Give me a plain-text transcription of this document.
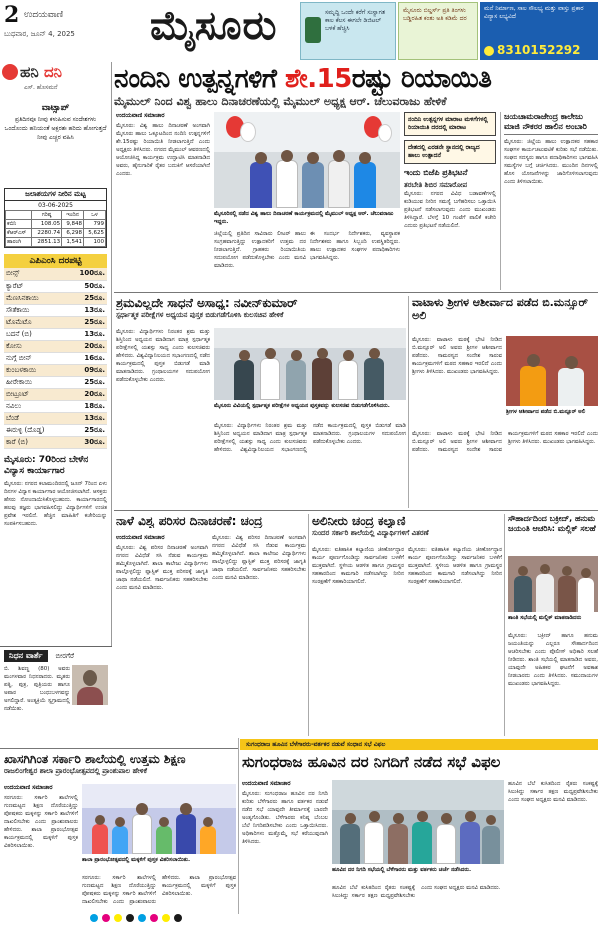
2 ಉದಯವಾಣಿ
ಬುಧವಾರ, ಜೂನ್ 4, 2025 ಮೈಸೂರು	ಸಮೃದ್ಧಿ ಒಂದೇ ಕರೆಗೆ ಸುಸ್ವಾಗತ ಕಾಲ ಕೆಲಸ ಈಗಲೇ ಡಿಜಿಟಲ್ ಬಳಕೆ ಹೆಚ್ಚಿಸಿ
ಮೈಸೂರು ಬಿಲ್ಡರ್ಸ್ ಪ್ರತಿ ತಿಂಗಳು ಬಡ್ಡಿರಹಿತ ಕಂತು ಅತಿ ಕಡಿಮೆ ದರ
ಮನೆ ನಿರ್ಮಾಣ, ಸಾಲ ಸೌಲಭ್ಯ ಮತ್ತು ವಾಸ್ತು ಪ್ರಕಾರ ವಿನ್ಯಾಸ ಲಭ್ಯವಿದೆ
8310152292
ಹನಿ ದನಿ
ಎಸ್. ಹೊಸಮನೆ
ವಾಟ್ಸಾಪ್
ಪ್ರತಿದಿನವೂ ನೀವು ಕಳುಹಿಸುವ ಸಂದೇಶಗಳು ಒಂದೊಂದು ಹನಿಯಂತೆ ಅಕ್ಷರಶಃ ಹರಿದು ಹೋಗುತ್ತದೆ ನೀವು ಎಚ್ಚರ ವಹಿಸಿ
ಜಲಾಶಯಗಳ ನೀರಿನ ಮಟ್ಟ
03-06-2025
	ಗರಿಷ್ಠ	ಇಂದಿನ	ಒಳ
ಕಬಿನಿ	108.05	9,848	799
ಕೆಆರ್‌ಎಸ್	2280.74	6,298	5,625
ಹಾರಂಗಿ	2851.13	1,541	100
ಎಪಿಎಂಸಿ ದರಪಟ್ಟಿ
ಬೀನ್ಸ್	100ರೂ.
ಕ್ಯಾರೆಟ್	50ರೂ.
ಮೆಣಸಿನಕಾಯಿ	25ರೂ.
ಸೌತೆಕಾಯಿ	13ರೂ.
ಟೊಮೆಟೊ	25ರೂ.
ಬದನೆ (ಬಿ)	13ರೂ.
ಕೋಸು	20ರೂ.
ನುಗ್ಗೆ ಬೀನ್	16ರೂ.
ಕುಂಬಳಕಾಯಿ	09ರೂ.
ಹೀರೇಕಾಯಿ	25ರೂ.
ಬೀಟ್ರೂಟ್	20ರೂ.
ನವಿಲು	18ರೂ.
ಬೆಂಡೆ	13ರೂ.
ಈರುಳ್ಳಿ (ದೊಡ್ಡ)	25ರೂ.
ಕಾರೆ (ಬಿ)	30ರೂ.
ಮೈಸೂರು: 70ರಿಂದ ಬೇಳೆನ ವಿನ್ಯಾಸ ಕಾರ್ಯಾಗಾರ
ಮೈಸೂರು: ನಗರದ ಕಲಾಮಂದಿರದಲ್ಲಿ ಜೂನ್ 7ರಿಂದ ಏಳು ದಿನಗಳ ವಿನ್ಯಾಸ ಕಾರ್ಯಾಗಾರ ಆಯೋಜಿಸಲಾಗಿದೆ. ಆಸಕ್ತರು ಹೆಸರು ನೋಂದಾಯಿಸಿಕೊಳ್ಳಬಹುದು. ಕಾರ್ಯಾಗಾರದಲ್ಲಿ ಹಲವು ತಜ್ಞರು ಭಾಗವಹಿಸಲಿದ್ದು ವಿದ್ಯಾರ್ಥಿಗಳಿಗೆ ಉಚಿತ ಪ್ರವೇಶ ಇರಲಿದೆ. ಹೆಚ್ಚಿನ ಮಾಹಿತಿಗೆ ಕಚೇರಿಯನ್ನು ಸಂಪರ್ಕಿಸಬಹುದು.
ನಿಧನ ವಾರ್ತೆ	ಬೀರಗೆರೆ
ಬಿ. ಶಿವಣ್ಣ (80) ಅವರು ಮಂಗಳವಾರ ನಿಧನರಾದರು. ಮೃತರು ಪತ್ನಿ, ಪುತ್ರ, ಪುತ್ರಿಯರು ಹಾಗೂ ಅಪಾರ ಬಂಧುಬಳಗವನ್ನು ಅಗಲಿದ್ದಾರೆ. ಅಂತ್ಯಕ್ರಿಯೆ ಸ್ವಗ್ರಾಮದಲ್ಲಿ ನಡೆಯಿತು.
ನಂದಿನಿ ಉತ್ಪನ್ನಗಳಿಗೆ ಶೇ.15ರಷ್ಟು ರಿಯಾಯಿತಿ
ಮೈಮುಲ್ ನಿಂದ ವಿಶ್ವ ಹಾಲು ದಿನಾಚರಣೆಯಲ್ಲಿ ಮೈಮುಲ್ ಅಧ್ಯಕ್ಷ ಆರ್. ಚೆಲುವರಾಜು ಹೇಳಿಕೆ
ಉದಯವಾಣಿ ಸಮಾಚಾರ
ಮೈಸೂರು: ವಿಶ್ವ ಹಾಲು ದಿನಾಚರಣೆ ಅಂಗವಾಗಿ ಮೈಸೂರು ಹಾಲು ಒಕ್ಕೂಟದಿಂದ ನಂದಿನಿ ಉತ್ಪನ್ನಗಳಿಗೆ ಶೇ.15ರಷ್ಟು ರಿಯಾಯಿತಿ ನೀಡಲಾಗುತ್ತಿದೆ ಎಂದು ಅಧ್ಯಕ್ಷರು ತಿಳಿಸಿದರು. ನಗರದ ಮೈಮುಲ್ ಆವರಣದಲ್ಲಿ ಆಯೋಜಿಸಿದ್ದ ಕಾರ್ಯಕ್ರಮ ಉದ್ಘಾಟಿಸಿ ಮಾತನಾಡಿದ ಅವರು, ಹೈನುಗಾರಿಕೆ ರೈತರ ಬದುಕಿಗೆ ಆಸರೆಯಾಗಿದೆ ಎಂದರು.
ಮೈಸೂರಿನಲ್ಲಿ ನಡೆದ ವಿಶ್ವ ಹಾಲು ದಿನಾಚರಣೆ ಕಾರ್ಯಕ್ರಮದಲ್ಲಿ ಮೈಮುಲ್ ಅಧ್ಯಕ್ಷ ಆರ್. ಚೆಲುವರಾಜು ಇದ್ದರು.
ಜಿಲ್ಲೆಯಲ್ಲಿ ಪ್ರತಿದಿನ ಸಾವಿರಾರು ಲೀಟರ್ ಹಾಲು ಸಂಗ್ರಹವಾಗುತ್ತಿದ್ದು ಉತ್ಪಾದಕರಿಗೆ ಉತ್ತಮ ದರ ನೀಡಲಾಗುತ್ತಿದೆ. ಗ್ರಾಹಕರು ರಿಯಾಯಿತಿಯ ಸದುಪಯೋಗ ಪಡೆದುಕೊಳ್ಳಬೇಕು ಎಂದು ಮನವಿ ಮಾಡಿದರು.
ಈ ಸಂದರ್ಭ ನಿರ್ದೇಶಕರು, ವ್ಯವಸ್ಥಾಪಕ ನಿರ್ದೇಶಕರು ಹಾಗೂ ಸಿಬ್ಬಂದಿ ಉಪಸ್ಥಿತರಿದ್ದರು. ಹಾಲು ಉತ್ಪಾದಕರ ಸಂಘಗಳ ಪದಾಧಿಕಾರಿಗಳು ಭಾಗವಹಿಸಿದ್ದರು.
ನಂದಿನಿ ಉತ್ಪನ್ನಗಳ ಮಾರಾಟ ಮಳಿಗೆಗಳಲ್ಲಿ ರಿಯಾಯಿತಿ ದರದಲ್ಲಿ ಮಾರಾಟ
ದೇಶದಲ್ಲಿ ಎರಡನೇ ಸ್ಥಾನದಲ್ಲಿ ರಾಜ್ಯದ ಹಾಲು ಉತ್ಪಾದನೆ
ಇಂದು ಬಿಜೆಪಿ ಪ್ರತಿಭಟನೆ
ತರಬೇತಿ ಶಿಬಿರ ಸಮಾರೋಪ
ಮೈಸೂರು: ನಗರದ ವಿವಿಧ ಬಡಾವಣೆಗಳಲ್ಲಿ ಕುಡಿಯುವ ನೀರಿನ ಸಮಸ್ಯೆ ಬಗೆಹರಿಸಲು ಒತ್ತಾಯಿಸಿ ಪ್ರತಿಭಟನೆ ನಡೆಸಲಾಗುವುದು ಎಂದು ಮುಖಂಡರು ತಿಳಿಸಿದ್ದಾರೆ. ಬೆಳಗ್ಗೆ 10 ಗಂಟೆಗೆ ಪಾಲಿಕೆ ಕಚೇರಿ ಎದುರು ಪ್ರತಿಭಟನೆ ನಡೆಯಲಿದೆ.
ಜಯಚಾಮರಾಜೇಂದ್ರ ಕಾಲೇಜು ಮಾಜಿ ನೌಕರರ ಹಾಲಿನ ಅಂಬಾರಿ
ಮೈಸೂರು: ಜಿಲ್ಲೆಯ ಹಾಲು ಉತ್ಪಾದಕರ ಸಹಕಾರ ಸಂಘಗಳ ಕಾರ್ಯಚಟುವಟಿಕೆ ಕುರಿತು ಸಭೆ ನಡೆಯಿತು. ಸಂಘದ ಸದಸ್ಯರು ಹಾಗೂ ಪದಾಧಿಕಾರಿಗಳು ಭಾಗವಹಿಸಿ ಸಮಸ್ಯೆಗಳ ಬಗ್ಗೆ ಚರ್ಚಿಸಿದರು. ಮುಂದಿನ ದಿನಗಳಲ್ಲಿ ಹೊಸ ಯೋಜನೆಗಳನ್ನು ಜಾರಿಗೊಳಿಸಲಾಗುವುದು ಎಂದು ತಿಳಿಸಲಾಯಿತು.
ಶ್ರಮವಿಲ್ಲದೇ ಸಾಧನೆ ಅಸಾಧ್ಯ: ನವೀನ್‌ಕುಮಾರ್
ಸ್ಪರ್ಧಾತ್ಮಕ ಪರೀಕ್ಷೆಗಳ ಅಧ್ಯಯನ ಪುಸ್ತಕ ಬಿಡುಗಡೆಗೊಳಿಸಿ ಕುಲಸಚಿವ ಹೇಳಿಕೆ
ಮೈಸೂರು: ವಿದ್ಯಾರ್ಥಿಗಳು ನಿರಂತರ ಶ್ರಮ ಮತ್ತು ಶಿಸ್ತಿನಿಂದ ಅಧ್ಯಯನ ಮಾಡಿದಾಗ ಮಾತ್ರ ಸ್ಪರ್ಧಾತ್ಮಕ ಪರೀಕ್ಷೆಗಳಲ್ಲಿ ಯಶಸ್ಸು ಸಾಧ್ಯ ಎಂದು ಕುಲಸಚಿವರು ಹೇಳಿದರು. ವಿಶ್ವವಿದ್ಯಾನಿಲಯದ ಸಭಾಂಗಣದಲ್ಲಿ ನಡೆದ ಕಾರ್ಯಕ್ರಮದಲ್ಲಿ ಪುಸ್ತಕ ಬಿಡುಗಡೆ ಮಾಡಿ ಮಾತನಾಡಿದರು. ಗ್ರಂಥಾಲಯಗಳ ಸದುಪಯೋಗ ಪಡೆದುಕೊಳ್ಳಬೇಕು ಎಂದರು.
ಮೈಸೂರು ವಿವಿಯಲ್ಲಿ ಸ್ಪರ್ಧಾತ್ಮಕ ಪರೀಕ್ಷೆಗಳ ಅಧ್ಯಯನ ಪುಸ್ತಕವನ್ನು ಕುಲಸಚಿವ ಬಿಡುಗಡೆಗೊಳಿಸಿದರು.
ಮೈಸೂರು: ವಿದ್ಯಾರ್ಥಿಗಳು ನಿರಂತರ ಶ್ರಮ ಮತ್ತು ಶಿಸ್ತಿನಿಂದ ಅಧ್ಯಯನ ಮಾಡಿದಾಗ ಮಾತ್ರ ಸ್ಪರ್ಧಾತ್ಮಕ ಪರೀಕ್ಷೆಗಳಲ್ಲಿ ಯಶಸ್ಸು ಸಾಧ್ಯ ಎಂದು ಕುಲಸಚಿವರು ಹೇಳಿದರು. ವಿಶ್ವವಿದ್ಯಾನಿಲಯದ ಸಭಾಂಗಣದಲ್ಲಿ ನಡೆದ ಕಾರ್ಯಕ್ರಮದಲ್ಲಿ ಪುಸ್ತಕ ಬಿಡುಗಡೆ ಮಾಡಿ ಮಾತನಾಡಿದರು. ಗ್ರಂಥಾಲಯಗಳ ಸದುಪಯೋಗ ಪಡೆದುಕೊಳ್ಳಬೇಕು ಎಂದರು.
ವಾಟಾಳು ಶ್ರೀಗಳ ಆಶೀರ್ವಾದ ಪಡೆದ ಬಿ.ಮನ್ಸೂರ್ ಅಲಿ
ಮೈಸೂರು: ವಾಟಾಳು ಮಠಕ್ಕೆ ಭೇಟಿ ನೀಡಿದ ಬಿ.ಮನ್ಸೂರ್ ಅಲಿ ಅವರು ಶ್ರೀಗಳ ಆಶೀರ್ವಾದ ಪಡೆದರು. ಸಾಮರಸ್ಯದ ಸಂದೇಶ ಸಾರುವ ಕಾರ್ಯಕ್ರಮಗಳಿಗೆ ಮಠದ ಸಹಕಾರ ಇರಲಿದೆ ಎಂದು ಶ್ರೀಗಳು ತಿಳಿಸಿದರು. ಮುಖಂಡರು ಭಾಗವಹಿಸಿದ್ದರು.
ಶ್ರೀಗಳ ಆಶೀರ್ವಾದ ಪಡೆದ ಬಿ.ಮನ್ಸೂರ್ ಅಲಿ
ಮೈಸೂರು: ವಾಟಾಳು ಮಠಕ್ಕೆ ಭೇಟಿ ನೀಡಿದ ಬಿ.ಮನ್ಸೂರ್ ಅಲಿ ಅವರು ಶ್ರೀಗಳ ಆಶೀರ್ವಾದ ಪಡೆದರು. ಸಾಮರಸ್ಯದ ಸಂದೇಶ ಸಾರುವ ಕಾರ್ಯಕ್ರಮಗಳಿಗೆ ಮಠದ ಸಹಕಾರ ಇರಲಿದೆ ಎಂದು ಶ್ರೀಗಳು ತಿಳಿಸಿದರು. ಮುಖಂಡರು ಭಾಗವಹಿಸಿದ್ದರು.
ನಾಳೆ ವಿಶ್ವ ಪರಿಸರ ದಿನಾಚರಣೆ: ಚಂದ್ರ
ಉದಯವಾಣಿ ಸಮಾಚಾರ
ಮೈಸೂರು: ವಿಶ್ವ ಪರಿಸರ ದಿನಾಚರಣೆ ಅಂಗವಾಗಿ ನಗರದ ವಿವಿಧೆಡೆ ಸಸಿ ನೆಡುವ ಕಾರ್ಯಕ್ರಮ ಹಮ್ಮಿಕೊಳ್ಳಲಾಗಿದೆ. ಶಾಲಾ ಕಾಲೇಜು ವಿದ್ಯಾರ್ಥಿಗಳು ಪಾಲ್ಗೊಳ್ಳಲಿದ್ದು ಪ್ಲಾಸ್ಟಿಕ್ ಮುಕ್ತ ಪರಿಸರಕ್ಕೆ ಜಾಗೃತಿ ಜಾಥಾ ನಡೆಯಲಿದೆ. ಸಾರ್ವಜನಿಕರು ಸಹಕರಿಸಬೇಕು ಎಂದು ಮನವಿ ಮಾಡಿದರು.
ಮೈಸೂರು: ವಿಶ್ವ ಪರಿಸರ ದಿನಾಚರಣೆ ಅಂಗವಾಗಿ ನಗರದ ವಿವಿಧೆಡೆ ಸಸಿ ನೆಡುವ ಕಾರ್ಯಕ್ರಮ ಹಮ್ಮಿಕೊಳ್ಳಲಾಗಿದೆ. ಶಾಲಾ ಕಾಲೇಜು ವಿದ್ಯಾರ್ಥಿಗಳು ಪಾಲ್ಗೊಳ್ಳಲಿದ್ದು ಪ್ಲಾಸ್ಟಿಕ್ ಮುಕ್ತ ಪರಿಸರಕ್ಕೆ ಜಾಗೃತಿ ಜಾಥಾ ನಡೆಯಲಿದೆ. ಸಾರ್ವಜನಿಕರು ಸಹಕರಿಸಬೇಕು ಎಂದು ಮನವಿ ಮಾಡಿದರು.
ಅಲಿನೀರು ಚಂದ್ರ ಕಲ್ಯಾಣಿ
ಸುಂದರ ಸರ್ಕಾರಿ ಶಾಲೆಯಲ್ಲಿ ವಿದ್ಯಾರ್ಥಿಗಳಿಗೆ ವಿತರಣೆ
ಮೈಸೂರು: ಐತಿಹಾಸಿಕ ಕಲ್ಯಾಣಿಯ ಜೀರ್ಣೋದ್ಧಾರ ಕಾರ್ಯ ಪೂರ್ಣಗೊಂಡಿದ್ದು ಸಾರ್ವಜನಿಕರ ಬಳಕೆಗೆ ಮುಕ್ತವಾಗಿದೆ. ಸ್ಥಳೀಯ ಆಡಳಿತ ಹಾಗೂ ಗ್ರಾಮಸ್ಥರ ಸಹಕಾರದಿಂದ ಕಾಮಗಾರಿ ನಡೆಸಲಾಗಿದ್ದು ನೀರಿನ ಸಂರಕ್ಷಣೆಗೆ ಸಹಕಾರಿಯಾಗಲಿದೆ.
ಮೈಸೂರು: ಐತಿಹಾಸಿಕ ಕಲ್ಯಾಣಿಯ ಜೀರ್ಣೋದ್ಧಾರ ಕಾರ್ಯ ಪೂರ್ಣಗೊಂಡಿದ್ದು ಸಾರ್ವಜನಿಕರ ಬಳಕೆಗೆ ಮುಕ್ತವಾಗಿದೆ. ಸ್ಥಳೀಯ ಆಡಳಿತ ಹಾಗೂ ಗ್ರಾಮಸ್ಥರ ಸಹಕಾರದಿಂದ ಕಾಮಗಾರಿ ನಡೆಸಲಾಗಿದ್ದು ನೀರಿನ ಸಂರಕ್ಷಣೆಗೆ ಸಹಕಾರಿಯಾಗಲಿದೆ.
ಸೌಹಾರ್ದದಿಂದ ಬಕ್ರೀದ್, ಹನುಮ ಜಯಂತಿ ಆಚರಿಸಿ: ಮಲ್ಲಿಕ್ ಸಲಹೆ
ಶಾಂತಿ ಸಭೆಯಲ್ಲಿ ಮಲ್ಲಿಕ್ ಮಾತನಾಡಿದರು
ಮೈಸೂರು: ಬಕ್ರೀದ್ ಹಾಗೂ ಹನುಮ ಜಯಂತಿಯನ್ನು ಎಲ್ಲರೂ ಸೌಹಾರ್ದದಿಂದ ಆಚರಿಸಬೇಕು ಎಂದು ಪೊಲೀಸ್ ಅಧಿಕಾರಿ ಸಲಹೆ ನೀಡಿದರು. ಶಾಂತಿ ಸಭೆಯಲ್ಲಿ ಮಾತನಾಡಿದ ಅವರು, ಯಾವುದೇ ಅಹಿತಕರ ಘಟನೆಗೆ ಅವಕಾಶ ನೀಡಬಾರದು ಎಂದು ತಿಳಿಸಿದರು. ಸಮುದಾಯಗಳ ಮುಖಂಡರು ಭಾಗವಹಿಸಿದ್ದರು.
ಖಾಸಗಿಗಿಂತ ಸರ್ಕಾರಿ ಶಾಲೆಯಲ್ಲಿ ಉತ್ತಮ ಶಿಕ್ಷಣ
ರಾಜಲಿಂಗೇಶ್ವರ ಶಾಲಾ ಪ್ರಾರಂಭೋತ್ಸವದಲ್ಲಿ ಪ್ರಾಂಶುಪಾಲ ಹೇಳಿಕೆ
ಉದಯವಾಣಿ ಸಮಾಚಾರ
ಸರಗೂರು: ಸರ್ಕಾರಿ ಶಾಲೆಗಳಲ್ಲಿ ಗುಣಮಟ್ಟದ ಶಿಕ್ಷಣ ದೊರೆಯುತ್ತಿದ್ದು ಪೋಷಕರು ಮಕ್ಕಳನ್ನು ಸರ್ಕಾರಿ ಶಾಲೆಗಳಿಗೆ ದಾಖಲಿಸಬೇಕು ಎಂದು ಪ್ರಾಂಶುಪಾಲರು ಹೇಳಿದರು. ಶಾಲಾ ಪ್ರಾರಂಭೋತ್ಸವ ಕಾರ್ಯಕ್ರಮದಲ್ಲಿ ಮಕ್ಕಳಿಗೆ ಪುಸ್ತಕ ವಿತರಿಸಲಾಯಿತು.
ಶಾಲಾ ಪ್ರಾರಂಭೋತ್ಸವದಲ್ಲಿ ಮಕ್ಕಳಿಗೆ ಪುಸ್ತಕ ವಿತರಿಸಲಾಯಿತು.
ಸರಗೂರು: ಸರ್ಕಾರಿ ಶಾಲೆಗಳಲ್ಲಿ ಗುಣಮಟ್ಟದ ಶಿಕ್ಷಣ ದೊರೆಯುತ್ತಿದ್ದು ಪೋಷಕರು ಮಕ್ಕಳನ್ನು ಸರ್ಕಾರಿ ಶಾಲೆಗಳಿಗೆ ದಾಖಲಿಸಬೇಕು ಎಂದು ಪ್ರಾಂಶುಪಾಲರು ಹೇಳಿದರು. ಶಾಲಾ ಪ್ರಾರಂಭೋತ್ಸವ ಕಾರ್ಯಕ್ರಮದಲ್ಲಿ ಮಕ್ಕಳಿಗೆ ಪುಸ್ತಕ ವಿತರಿಸಲಾಯಿತು.
ಸುಗಂಧರಾಜ ಹೂವಿನ ಬೆಳೆಗಾರರು-ವರ್ತಕರ ನಡುವೆ ಸಂಧಾನ ಸಭೆ ವಿಫಲ
ಸುಗಂಧರಾಜ ಹೂವಿನ ದರ ನಿಗದಿಗೆ ನಡೆದ ಸಭೆ ವಿಫಲ
ಉದಯವಾಣಿ ಸಮಾಚಾರ
ಮೈಸೂರು: ಸುಗಂಧರಾಜ ಹೂವಿನ ದರ ನಿಗದಿ ಕುರಿತು ಬೆಳೆಗಾರರು ಹಾಗೂ ವರ್ತಕರ ನಡುವೆ ನಡೆದ ಸಭೆ ಯಾವುದೇ ತೀರ್ಮಾನಕ್ಕೆ ಬಾರದೇ ಅಂತ್ಯಗೊಂಡಿತು. ಬೆಳೆಗಾರರು ಕನಿಷ್ಠ ಬೆಂಬಲ ಬೆಲೆ ನಿಗದಿಪಡಿಸಬೇಕು ಎಂದು ಒತ್ತಾಯಿಸಿದರು. ಅಧಿಕಾರಿಗಳು ಮತ್ತೊಮ್ಮೆ ಸಭೆ ಕರೆಯುವುದಾಗಿ ತಿಳಿಸಿದರು.
ಹೂವಿನ ದರ ನಿಗದಿ ಸಭೆಯಲ್ಲಿ ಬೆಳೆಗಾರರು ಮತ್ತು ವರ್ತಕರು ಚರ್ಚೆ ನಡೆಸಿದರು.
ಹೂವಿನ ಬೆಲೆ ಕುಸಿತದಿಂದ ರೈತರು ಸಂಕಷ್ಟಕ್ಕೆ ಸಿಲುಕಿದ್ದು ಸರ್ಕಾರ ತಕ್ಷಣ ಮಧ್ಯಪ್ರವೇಶಿಸಬೇಕು ಎಂದು ಸಂಘದ ಅಧ್ಯಕ್ಷರು ಮನವಿ ಮಾಡಿದರು.
ಹೂವಿನ ಬೆಲೆ ಕುಸಿತದಿಂದ ರೈತರು ಸಂಕಷ್ಟಕ್ಕೆ ಸಿಲುಕಿದ್ದು ಸರ್ಕಾರ ತಕ್ಷಣ ಮಧ್ಯಪ್ರವೇಶಿಸಬೇಕು ಎಂದು ಸಂಘದ ಅಧ್ಯಕ್ಷರು ಮನವಿ ಮಾಡಿದರು.
